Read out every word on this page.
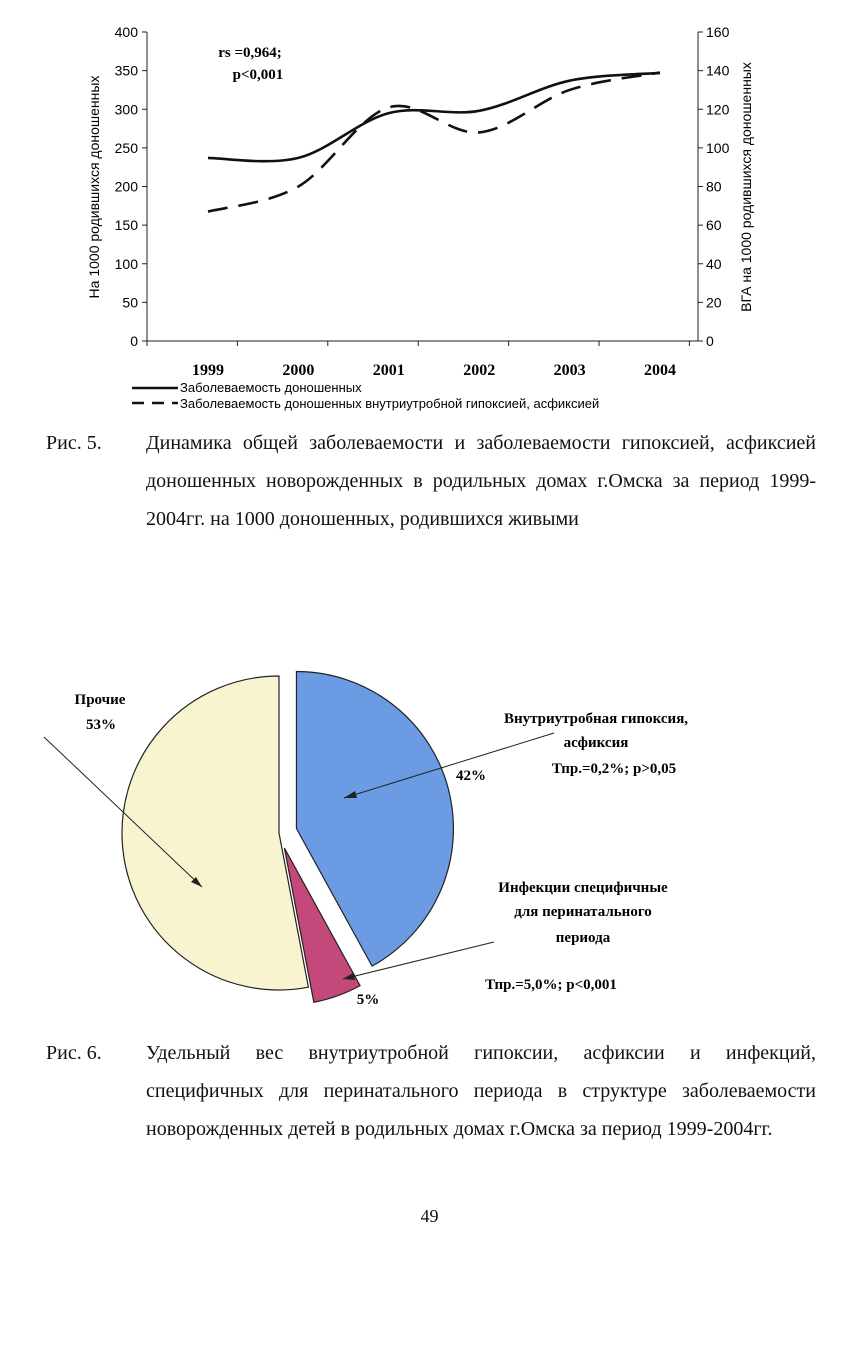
0
50
100
150
200
250
300
350
400
0
20
40
60
80
100
120
140
160
1999	2000	2001	2002	2003	2004
На 1000 родившихся доношенных	ВГА на 1000 родившихся доношенных
rs =0,964;
p<0,001
Заболеваемость доношенных
Заболеваемость доношенных внутриутробной гипоксией, асфиксией
Рис. 5. Динамика общей заболеваемости и заболеваемости гипоксией, асфиксией доношенных новорожденных в родильных домах г.Омска за период 1999-2004гг. на 1000 доношенных, родившихся живыми
Прочие
53%	Внутриутробная гипоксия,
асфиксия
Тпр.=0,2%; р>0,05
42%
Инфекции специфичные
для перинатального
периода
Тпр.=5,0%; р<0,001
5%
Рис. 6. Удельный вес внутриутробной гипоксии, асфиксии и инфекций, специфичных для перинатального периода в структуре заболеваемости новорожденных детей в родильных домах г.Омска за период 1999-2004гг.
49
